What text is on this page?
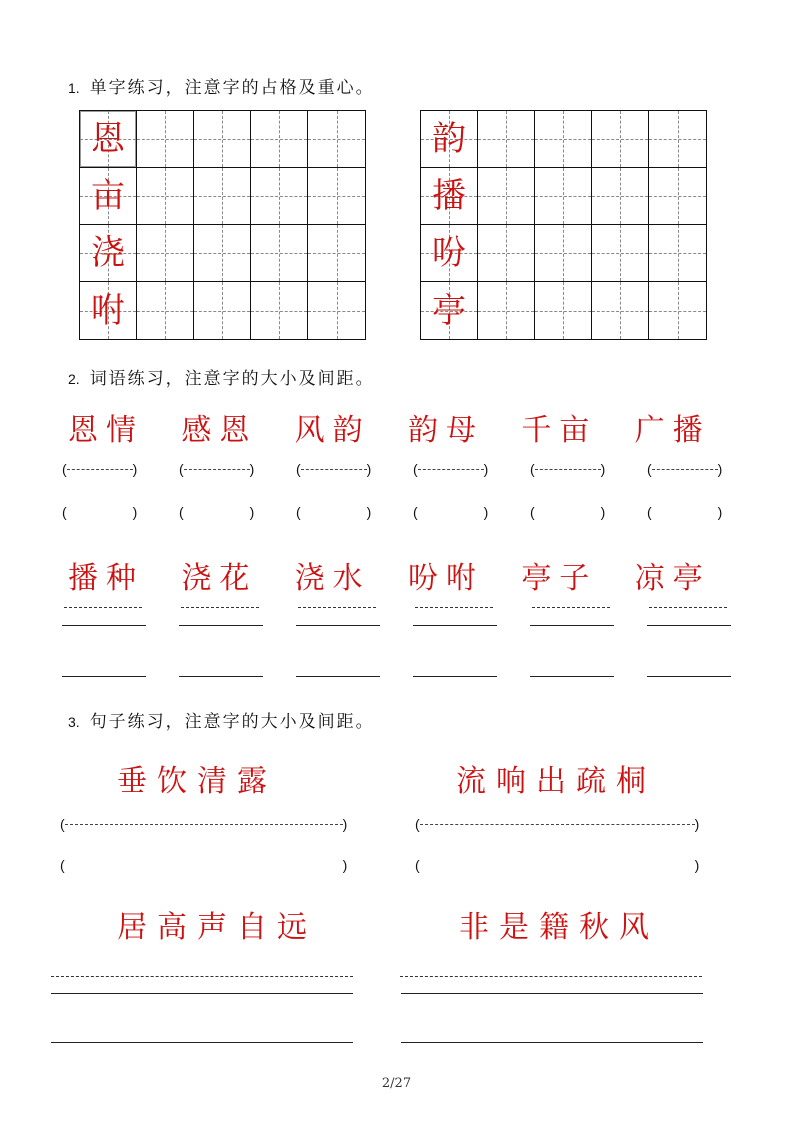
1. 单字练习，注意字的占格及重心。
恩
亩
浇
咐
韵
播
吩
亭
2. 词语练习，注意字的大小及间距。
恩情	感恩	风韵	韵母	千亩	广播
(	)	(	)	(	)	(	)	(	)	(	)
(	)	(	)	(	)	(	)	(	)	(	)
播种	浇花	浇水	吩咐	亭子	凉亭
3. 句子练习，注意字的大小及间距。
垂饮清露
(	)
(	)
流响出疏桐
(	)
(	)
居高声自远	非是籍秋风
2/27
